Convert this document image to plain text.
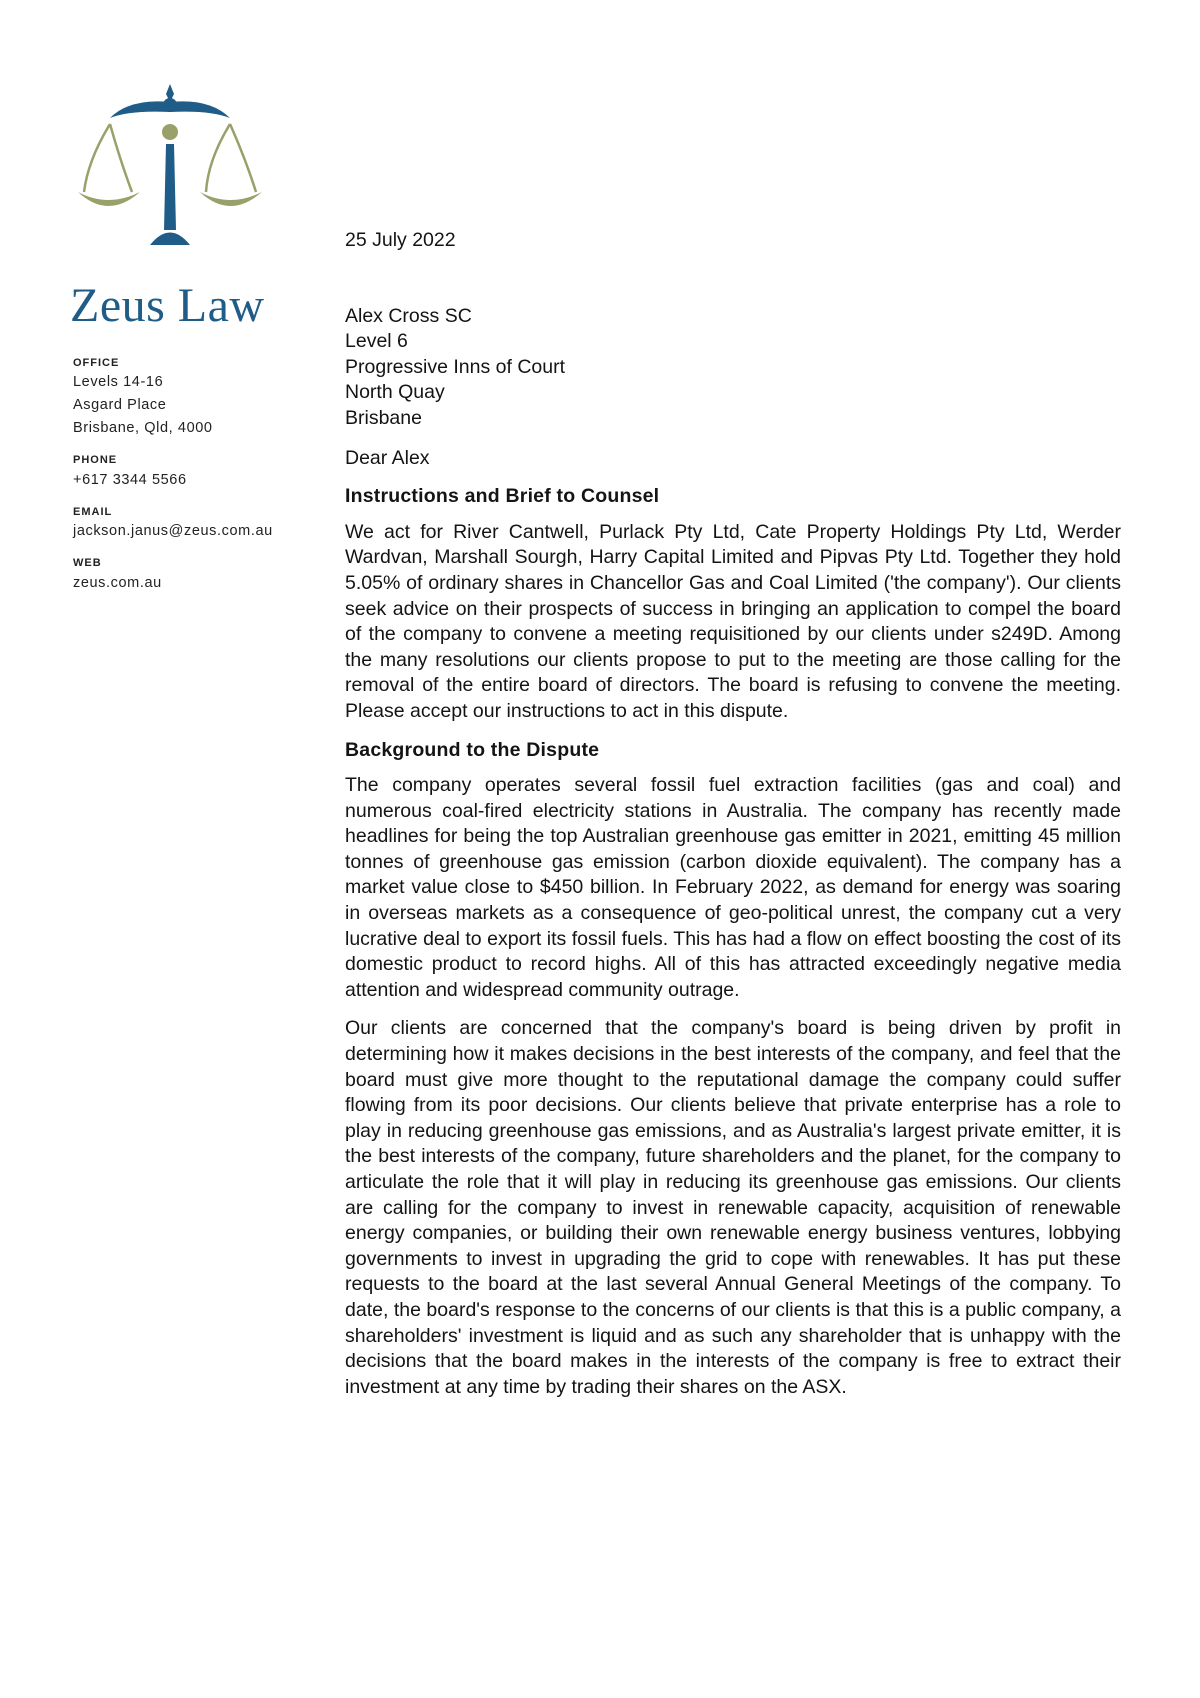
Zeus Law
OFFICE
Levels 14-16
Asgard Place
Brisbane, Qld, 4000
PHONE
+617 3344 5566
EMAIL
jackson.janus@zeus.com.au
WEB
zeus.com.au
25 July 2022
Alex Cross SC
Level 6
Progressive Inns of Court
North Quay
Brisbane
Dear Alex
Instructions and Brief to Counsel
We act for River Cantwell, Purlack Pty Ltd, Cate Property Holdings Pty Ltd, Werder Wardvan, Marshall Sourgh, Harry Capital Limited and Pipvas Pty Ltd. Together they hold 5.05% of ordinary shares in Chancellor Gas and Coal Limited ('the company'). Our clients seek advice on their prospects of success in bringing an application to compel the board of the company to convene a meeting requisitioned by our clients under s249D. Among the many resolutions our clients propose to put to the meeting are those calling for the removal of the entire board of directors. The board is refusing to convene the meeting. Please accept our instructions to act in this dispute.
Background to the Dispute
The company operates several fossil fuel extraction facilities (gas and coal) and numerous coal-fired electricity stations in Australia. The company has recently made headlines for being the top Australian greenhouse gas emitter in 2021, emitting 45 million tonnes of greenhouse gas emission (carbon dioxide equivalent). The company has a market value close to $450 billion. In February 2022, as demand for energy was soaring in overseas markets as a consequence of geo-political unrest, the company cut a very lucrative deal to export its fossil fuels. This has had a flow on effect boosting the cost of its domestic product to record highs. All of this has attracted exceedingly negative media attention and widespread community outrage.
Our clients are concerned that the company's board is being driven by profit in determining how it makes decisions in the best interests of the company, and feel that the board must give more thought to the reputational damage the company could suffer flowing from its poor decisions. Our clients believe that private enterprise has a role to play in reducing greenhouse gas emissions, and as Australia's largest private emitter, it is the best interests of the company, future shareholders and the planet, for the company to articulate the role that it will play in reducing its greenhouse gas emissions. Our clients are calling for the company to invest in renewable capacity, acquisition of renewable energy companies, or building their own renewable energy business ventures, lobbying governments to invest in upgrading the grid to cope with renewables. It has put these requests to the board at the last several Annual General Meetings of the company. To date, the board's response to the concerns of our clients is that this is a public company, a shareholders' investment is liquid and as such any shareholder that is unhappy with the decisions that the board makes in the interests of the company is free to extract their investment at any time by trading their shares on the ASX.
